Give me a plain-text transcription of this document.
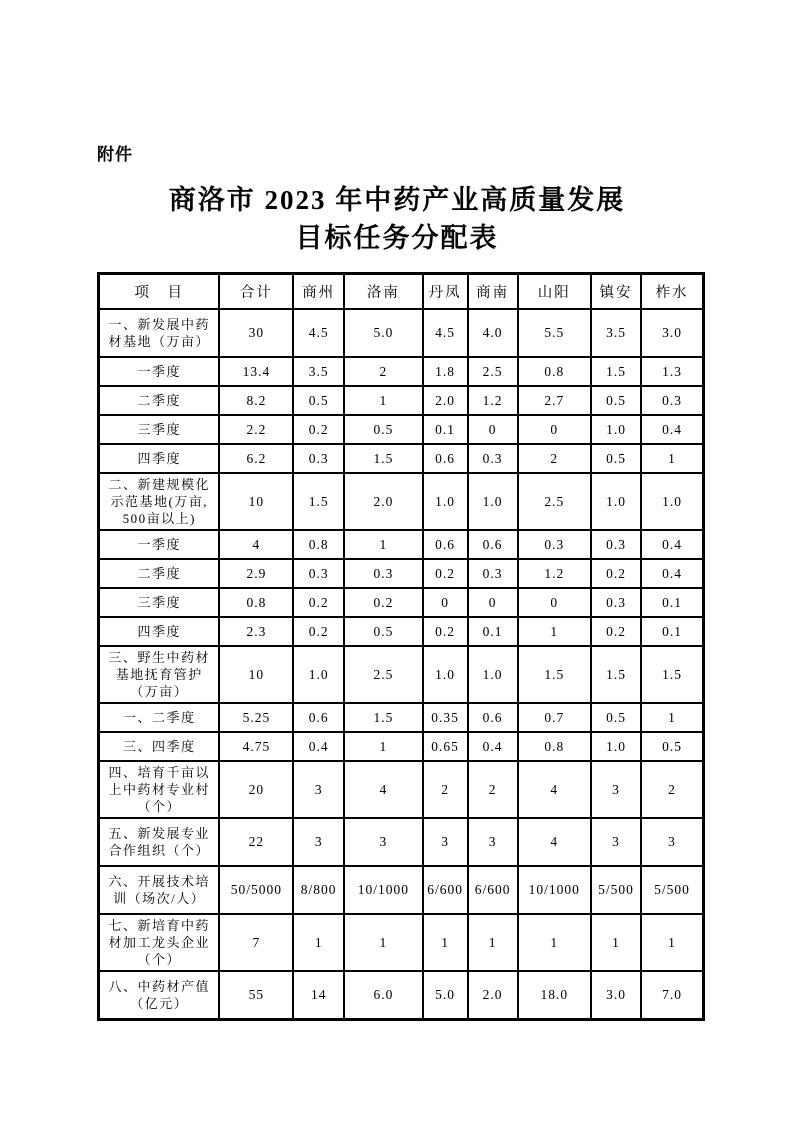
附件
商洛市 2023 年中药产业高质量发展
目标任务分配表
项　目	合计	商州	洛南	丹凤	商南	山阳	镇安	柞水
一、新发展中药材基地（万亩）	30	4.5	5.0	4.5	4.0	5.5	3.5	3.0
一季度	13.4	3.5	2	1.8	2.5	0.8	1.5	1.3
二季度	8.2	0.5	1	2.0	1.2	2.7	0.5	0.3
三季度	2.2	0.2	0.5	0.1	0	0	1.0	0.4
四季度	6.2	0.3	1.5	0.6	0.3	2	0.5	1
二、新建规模化示范基地(万亩, 500亩以上)	10	1.5	2.0	1.0	1.0	2.5	1.0	1.0
一季度	4	0.8	1	0.6	0.6	0.3	0.3	0.4
二季度	2.9	0.3	0.3	0.2	0.3	1.2	0.2	0.4
三季度	0.8	0.2	0.2	0	0	0	0.3	0.1
四季度	2.3	0.2	0.5	0.2	0.1	1	0.2	0.1
三、野生中药材基地抚育管护（万亩）	10	1.0	2.5	1.0	1.0	1.5	1.5	1.5
一、二季度	5.25	0.6	1.5	0.35	0.6	0.7	0.5	1
三、四季度	4.75	0.4	1	0.65	0.4	0.8	1.0	0.5
四、培育千亩以上中药材专业村（个）	20	3	4	2	2	4	3	2
五、新发展专业合作组织（个）	22	3	3	3	3	4	3	3
六、开展技术培训（场次/人）	50/5000	8/800	10/1000	6/600	6/600	10/1000	5/500	5/500
七、新培育中药材加工龙头企业（个）	7	1	1	1	1	1	1	1
八、中药材产值（亿元）	55	14	6.0	5.0	2.0	18.0	3.0	7.0
